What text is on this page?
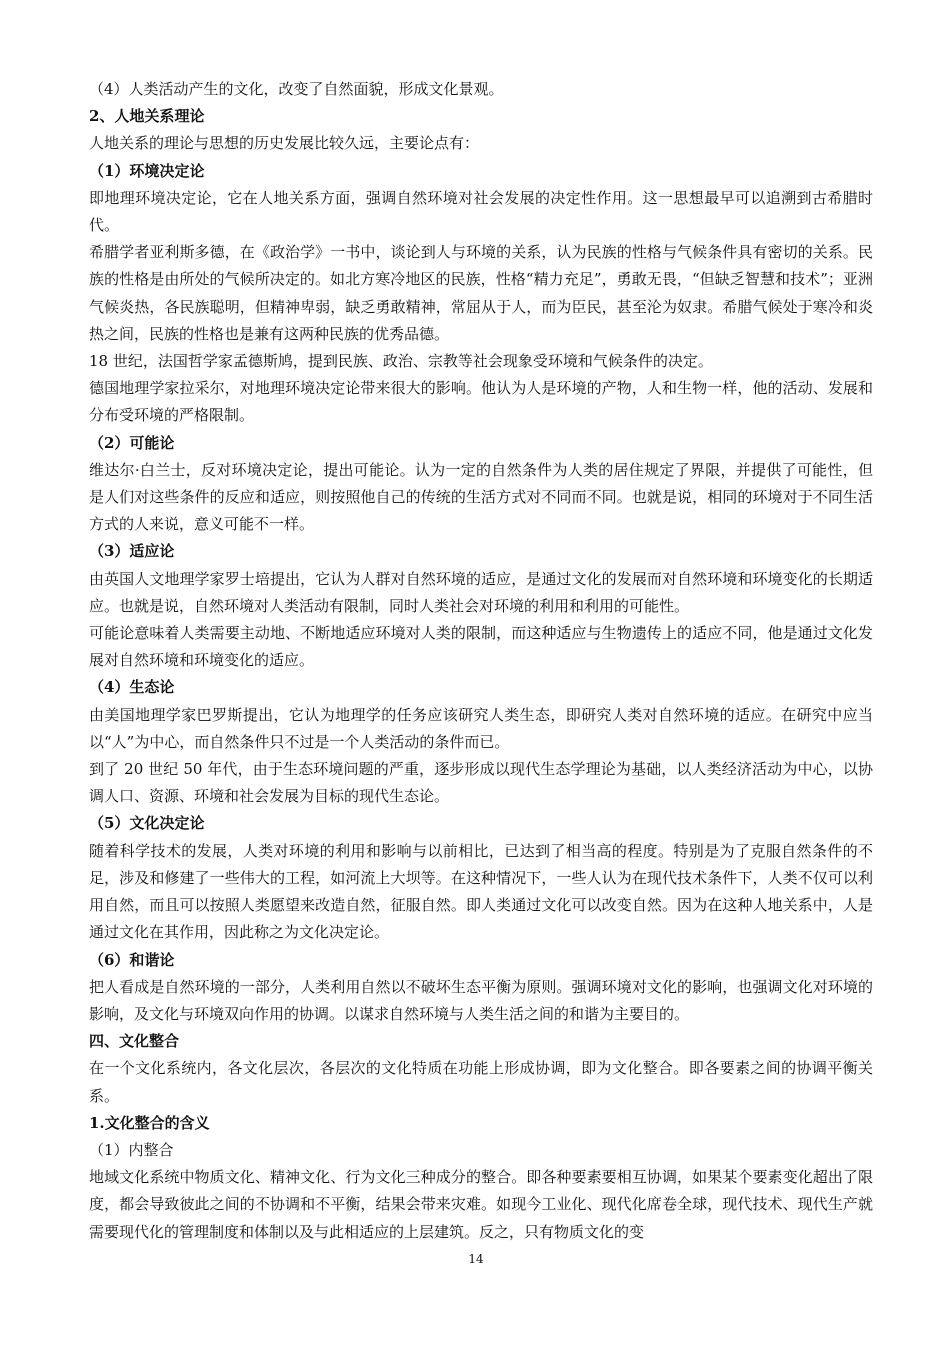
（4）人类活动产生的文化，改变了自然面貌，形成文化景观。

2、人地关系理论

人地关系的理论与思想的历史发展比较久远，主要论点有：

（1）环境决定论

即地理环境决定论，它在人地关系方面，强调自然环境对社会发展的决定性作用。这一思想最早可以追溯到古希腊时代。

希腊学者亚利斯多德，在《政治学》一书中，谈论到人与环境的关系，认为民族的性格与气候条件具有密切的关系。民族的性格是由所处的气候所决定的。如北方寒冷地区的民族，性格“精力充足”，勇敢无畏，“但缺乏智慧和技术”；亚洲气候炎热，各民族聪明，但精神卑弱，缺乏勇敢精神，常屈从于人，而为臣民，甚至沦为奴隶。希腊气候处于寒冷和炎热之间，民族的性格也是兼有这两种民族的优秀品德。

18 世纪，法国哲学家孟德斯鸠，提到民族、政治、宗教等社会现象受环境和气候条件的决定。

德国地理学家拉采尔，对地理环境决定论带来很大的影响。他认为人是环境的产物，人和生物一样，他的活动、发展和分布受环境的严格限制。

（2）可能论

维达尔·白兰士，反对环境决定论，提出可能论。认为一定的自然条件为人类的居住规定了界限，并提供了可能性，但是人们对这些条件的反应和适应，则按照他自己的传统的生活方式对不同而不同。也就是说，相同的环境对于不同生活方式的人来说，意义可能不一样。

（3）适应论

由英国人文地理学家罗士培提出，它认为人群对自然环境的适应，是通过文化的发展而对自然环境和环境变化的长期适应。也就是说，自然环境对人类活动有限制，同时人类社会对环境的利用和利用的可能性。

可能论意味着人类需要主动地、不断地适应环境对人类的限制，而这种适应与生物遗传上的适应不同，他是通过文化发展对自然环境和环境变化的适应。

（4）生态论

由美国地理学家巴罗斯提出，它认为地理学的任务应该研究人类生态，即研究人类对自然环境的适应。在研究中应当以“人”为中心，而自然条件只不过是一个人类活动的条件而已。

到了 20 世纪 50 年代，由于生态环境问题的严重，逐步形成以现代生态学理论为基础，以人类经济活动为中心，以协调人口、资源、环境和社会发展为目标的现代生态论。

（5）文化决定论

随着科学技术的发展，人类对环境的利用和影响与以前相比，已达到了相当高的程度。特别是为了克服自然条件的不足，涉及和修建了一些伟大的工程，如河流上大坝等。在这种情况下，一些人认为在现代技术条件下，人类不仅可以利用自然，而且可以按照人类愿望来改造自然，征服自然。即人类通过文化可以改变自然。因为在这种人地关系中，人是通过文化在其作用，因此称之为文化决定论。

（6）和谐论

把人看成是自然环境的一部分，人类利用自然以不破坏生态平衡为原则。强调环境对文化的影响，也强调文化对环境的影响，及文化与环境双向作用的协调。以谋求自然环境与人类生活之间的和谐为主要目的。

四、文化整合

在一个文化系统内，各文化层次，各层次的文化特质在功能上形成协调，即为文化整合。即各要素之间的协调平衡关系。

1.文化整合的含义

（1）内整合

地域文化系统中物质文化、精神文化、行为文化三种成分的整合。即各种要素要相互协调，如果某个要素变化超出了限度，都会导致彼此之间的不协调和不平衡，结果会带来灾难。如现今工业化、现代化席卷全球，现代技术、现代生产就需要现代化的管理制度和体制以及与此相适应的上层建筑。反之，只有物质文化的变

14
